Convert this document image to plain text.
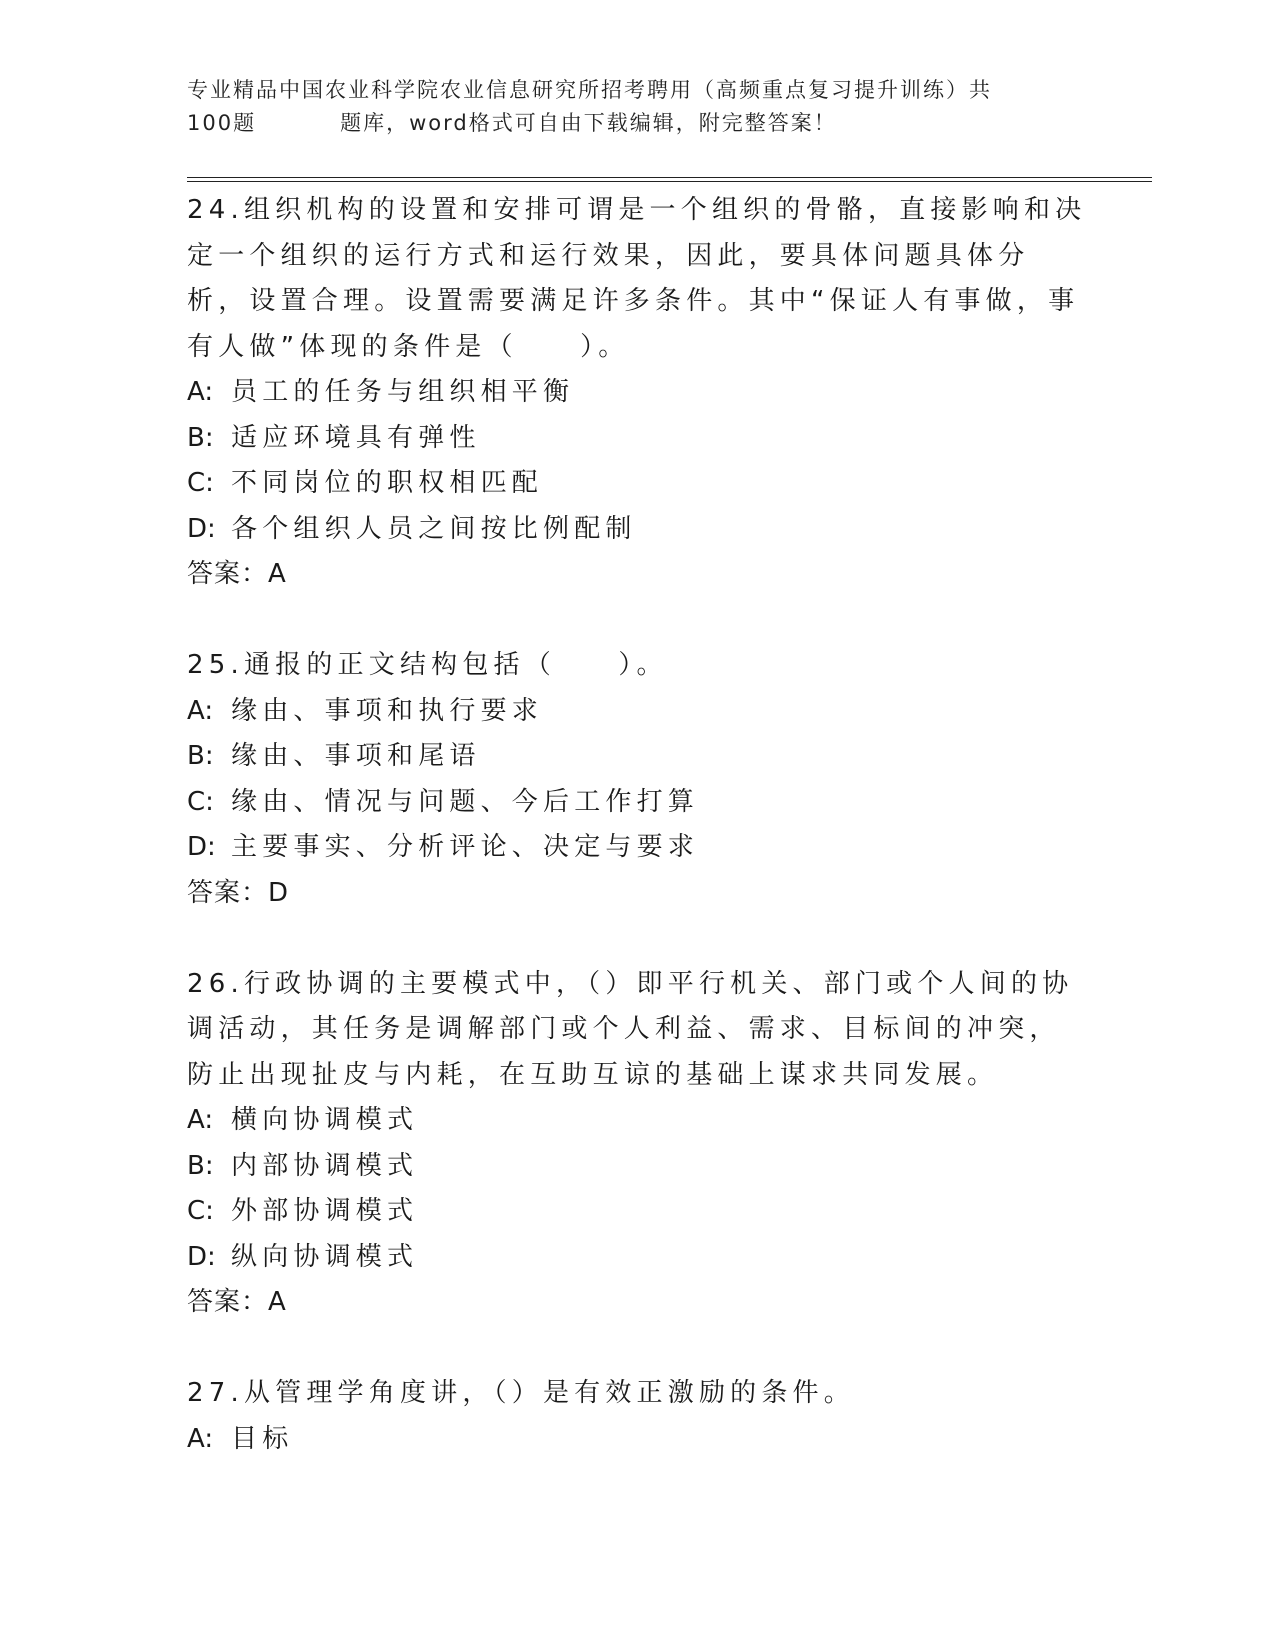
专业精品中国农业科学院农业信息研究所招考聘用（高频重点复习提升训练）共
100题	题库，word格式可自由下载编辑，附完整答案！

24.组织机构的设置和安排可谓是一个组织的骨骼，直接影响和决定一个组织的运行方式和运行效果，因此，要具体问题具体分析，设置合理。设置需要满足许多条件。其中“保证人有事做，事有人做”体现的条件是（　　）。

A: 员工的任务与组织相平衡

B: 适应环境具有弹性

C: 不同岗位的职权相匹配

D: 各个组织人员之间按比例配制

答案：A

25.通报的正文结构包括（　　）。

A: 缘由、事项和执行要求

B: 缘由、事项和尾语

C: 缘由、情况与问题、今后工作打算

D: 主要事实、分析评论、决定与要求

答案：D

26.行政协调的主要模式中，（）即平行机关、部门或个人间的协调活动，其任务是调解部门或个人利益、需求、目标间的冲突，防止出现扯皮与内耗，在互助互谅的基础上谋求共同发展。

A: 横向协调模式

B: 内部协调模式

C: 外部协调模式

D: 纵向协调模式

答案：A

27.从管理学角度讲，（）是有效正激励的条件。

A: 目标
